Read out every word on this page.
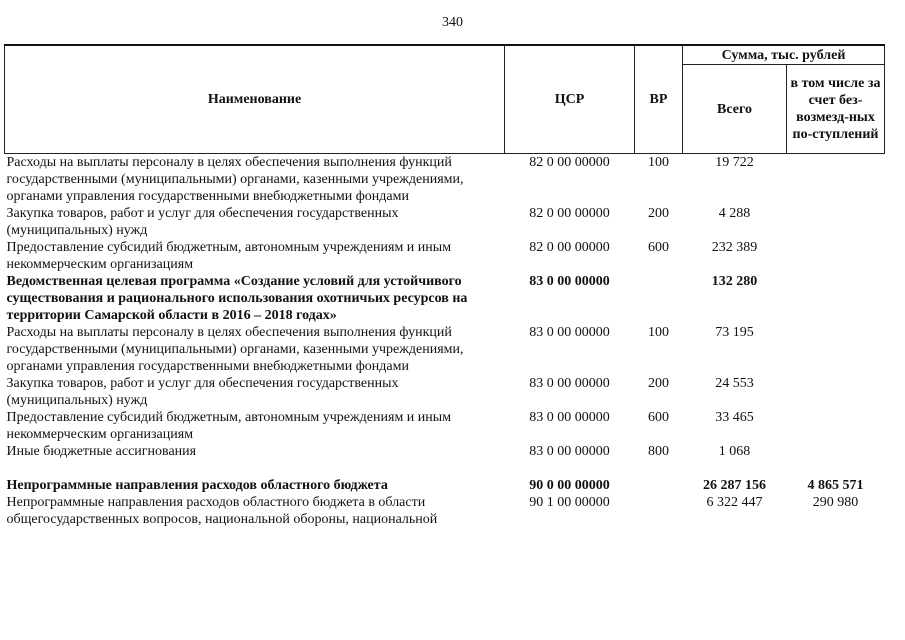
340
Наименование	ЦСР	ВР	Сумма, тыс. рублей	
			Всего	в том числе за счет без-возмезд-ных по-ступлений
Расходы на выплаты персоналу в целях обеспечения выполнения функций государственными (муниципальными) органами, казенными учреждениями, органами управления государственными внебюджетными фондами	82 0 00 00000	100	19 722	
Закупка товаров, работ и услуг для обеспечения государственных (муниципальных) нужд	82 0 00 00000	200	4 288	
Предоставление субсидий бюджетным, автономным учреждениям и иным некоммерческим организациям	82 0 00 00000	600	232 389	
Ведомственная целевая программа «Создание условий для устойчивого существования и рационального использования охотничьих ресурсов на территории Самарской области в 2016 – 2018 годах»	83 0 00 00000		132 280	
Расходы на выплаты персоналу в целях обеспечения выполнения функций государственными (муниципальными) органами, казенными учреждениями, органами управления государственными внебюджетными фондами	83 0 00 00000	100	73 195	
Закупка товаров, работ и услуг для обеспечения государственных (муниципальных) нужд	83 0 00 00000	200	24 553	
Предоставление субсидий бюджетным, автономным учреждениям и иным некоммерческим организациям	83 0 00 00000	600	33 465	
Иные бюджетные ассигнования	83 0 00 00000	800	1 068	
Непрограммные направления расходов областного бюджета	90 0 00 00000		26 287 156	4 865 571
Непрограммные направления расходов областного бюджета в области общегосударственных вопросов, национальной обороны, национальной	90 1 00 00000		6 322 447	290 980
